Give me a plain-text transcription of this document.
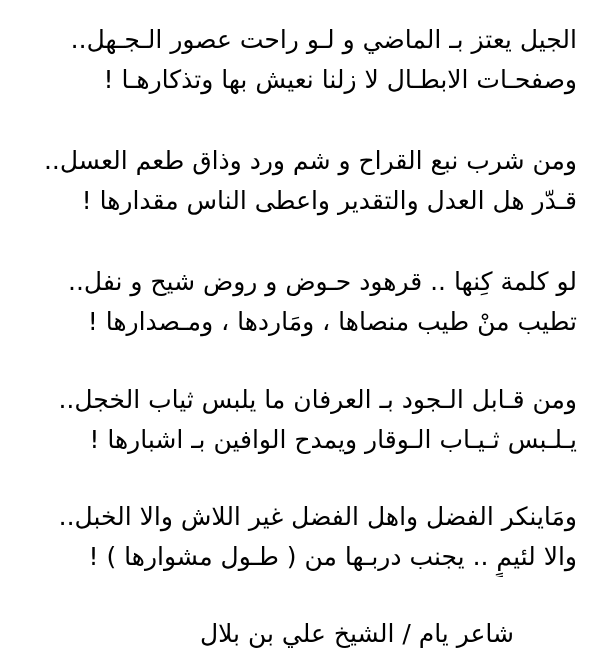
الجيل يعتز بـ الماضي و لـو راحت عصور الـجـهل..
وصفحـات الابطـال لا زلنا نعيش بها وتذكارهـا !
ومن شرب نبع القراح و شم ورد وذاق طعم العسل..
قـدّر هل العدل والتقدير واعطى الناس مقدارها !
لو كلمة كِنها .. قرهود حـوض و روض شيح و نفل..
تطيب منْ طيب منصاها ، ومَاردها ، ومـصدارها !
ومن قـابل الـجود بـ العرفان ما يلبس ثياب الخجل..
يـلـبس ثـيـاب الـوقار ويمدح الوافين بـ اشبارها !
ومَاينكر الفضل واهل الفضل غير اللاش والا الخبل..
والا لئيمٍ .. يجنب دربـها من ( طـول مشوارها ) !
شاعر يام / الشيخ علي بن بلال
